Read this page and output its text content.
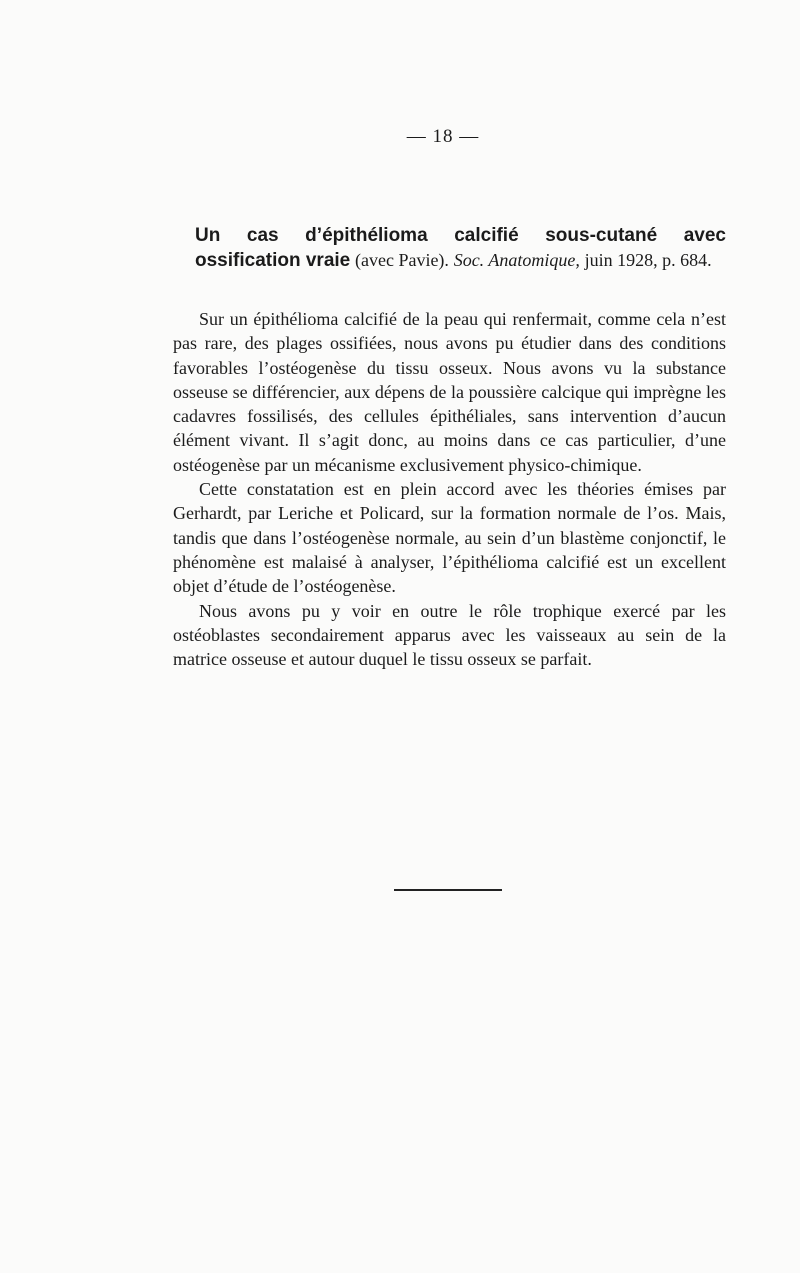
— 18 —
Un cas d’épithélioma calcifié sous-cutané avec ossification vraie (avec Pavie). Soc. Anatomique, juin 1928, p. 684.

Sur un épithélioma calcifié de la peau qui renfermait, comme cela n’est pas rare, des plages ossifiées, nous avons pu étudier dans des conditions favorables l’ostéogenèse du tissu osseux. Nous avons vu la substance osseuse se différencier, aux dépens de la poussière calcique qui imprègne les cadavres fossilisés, des cellules épithéliales, sans intervention d’aucun élément vivant. Il s’agit donc, au moins dans ce cas particulier, d’une ostéogenèse par un mécanisme exclusivement physico-chimique.

Cette constatation est en plein accord avec les théories émises par Gerhardt, par Leriche et Policard, sur la formation normale de l’os. Mais, tandis que dans l’ostéogenèse normale, au sein d’un blastème conjonctif, le phénomène est malaisé à analyser, l’épithélioma calcifié est un excellent objet d’étude de l’ostéogenèse.

Nous avons pu y voir en outre le rôle trophique exercé par les ostéoblastes secondairement apparus avec les vaisseaux au sein de la matrice osseuse et autour duquel le tissu osseux se parfait.
